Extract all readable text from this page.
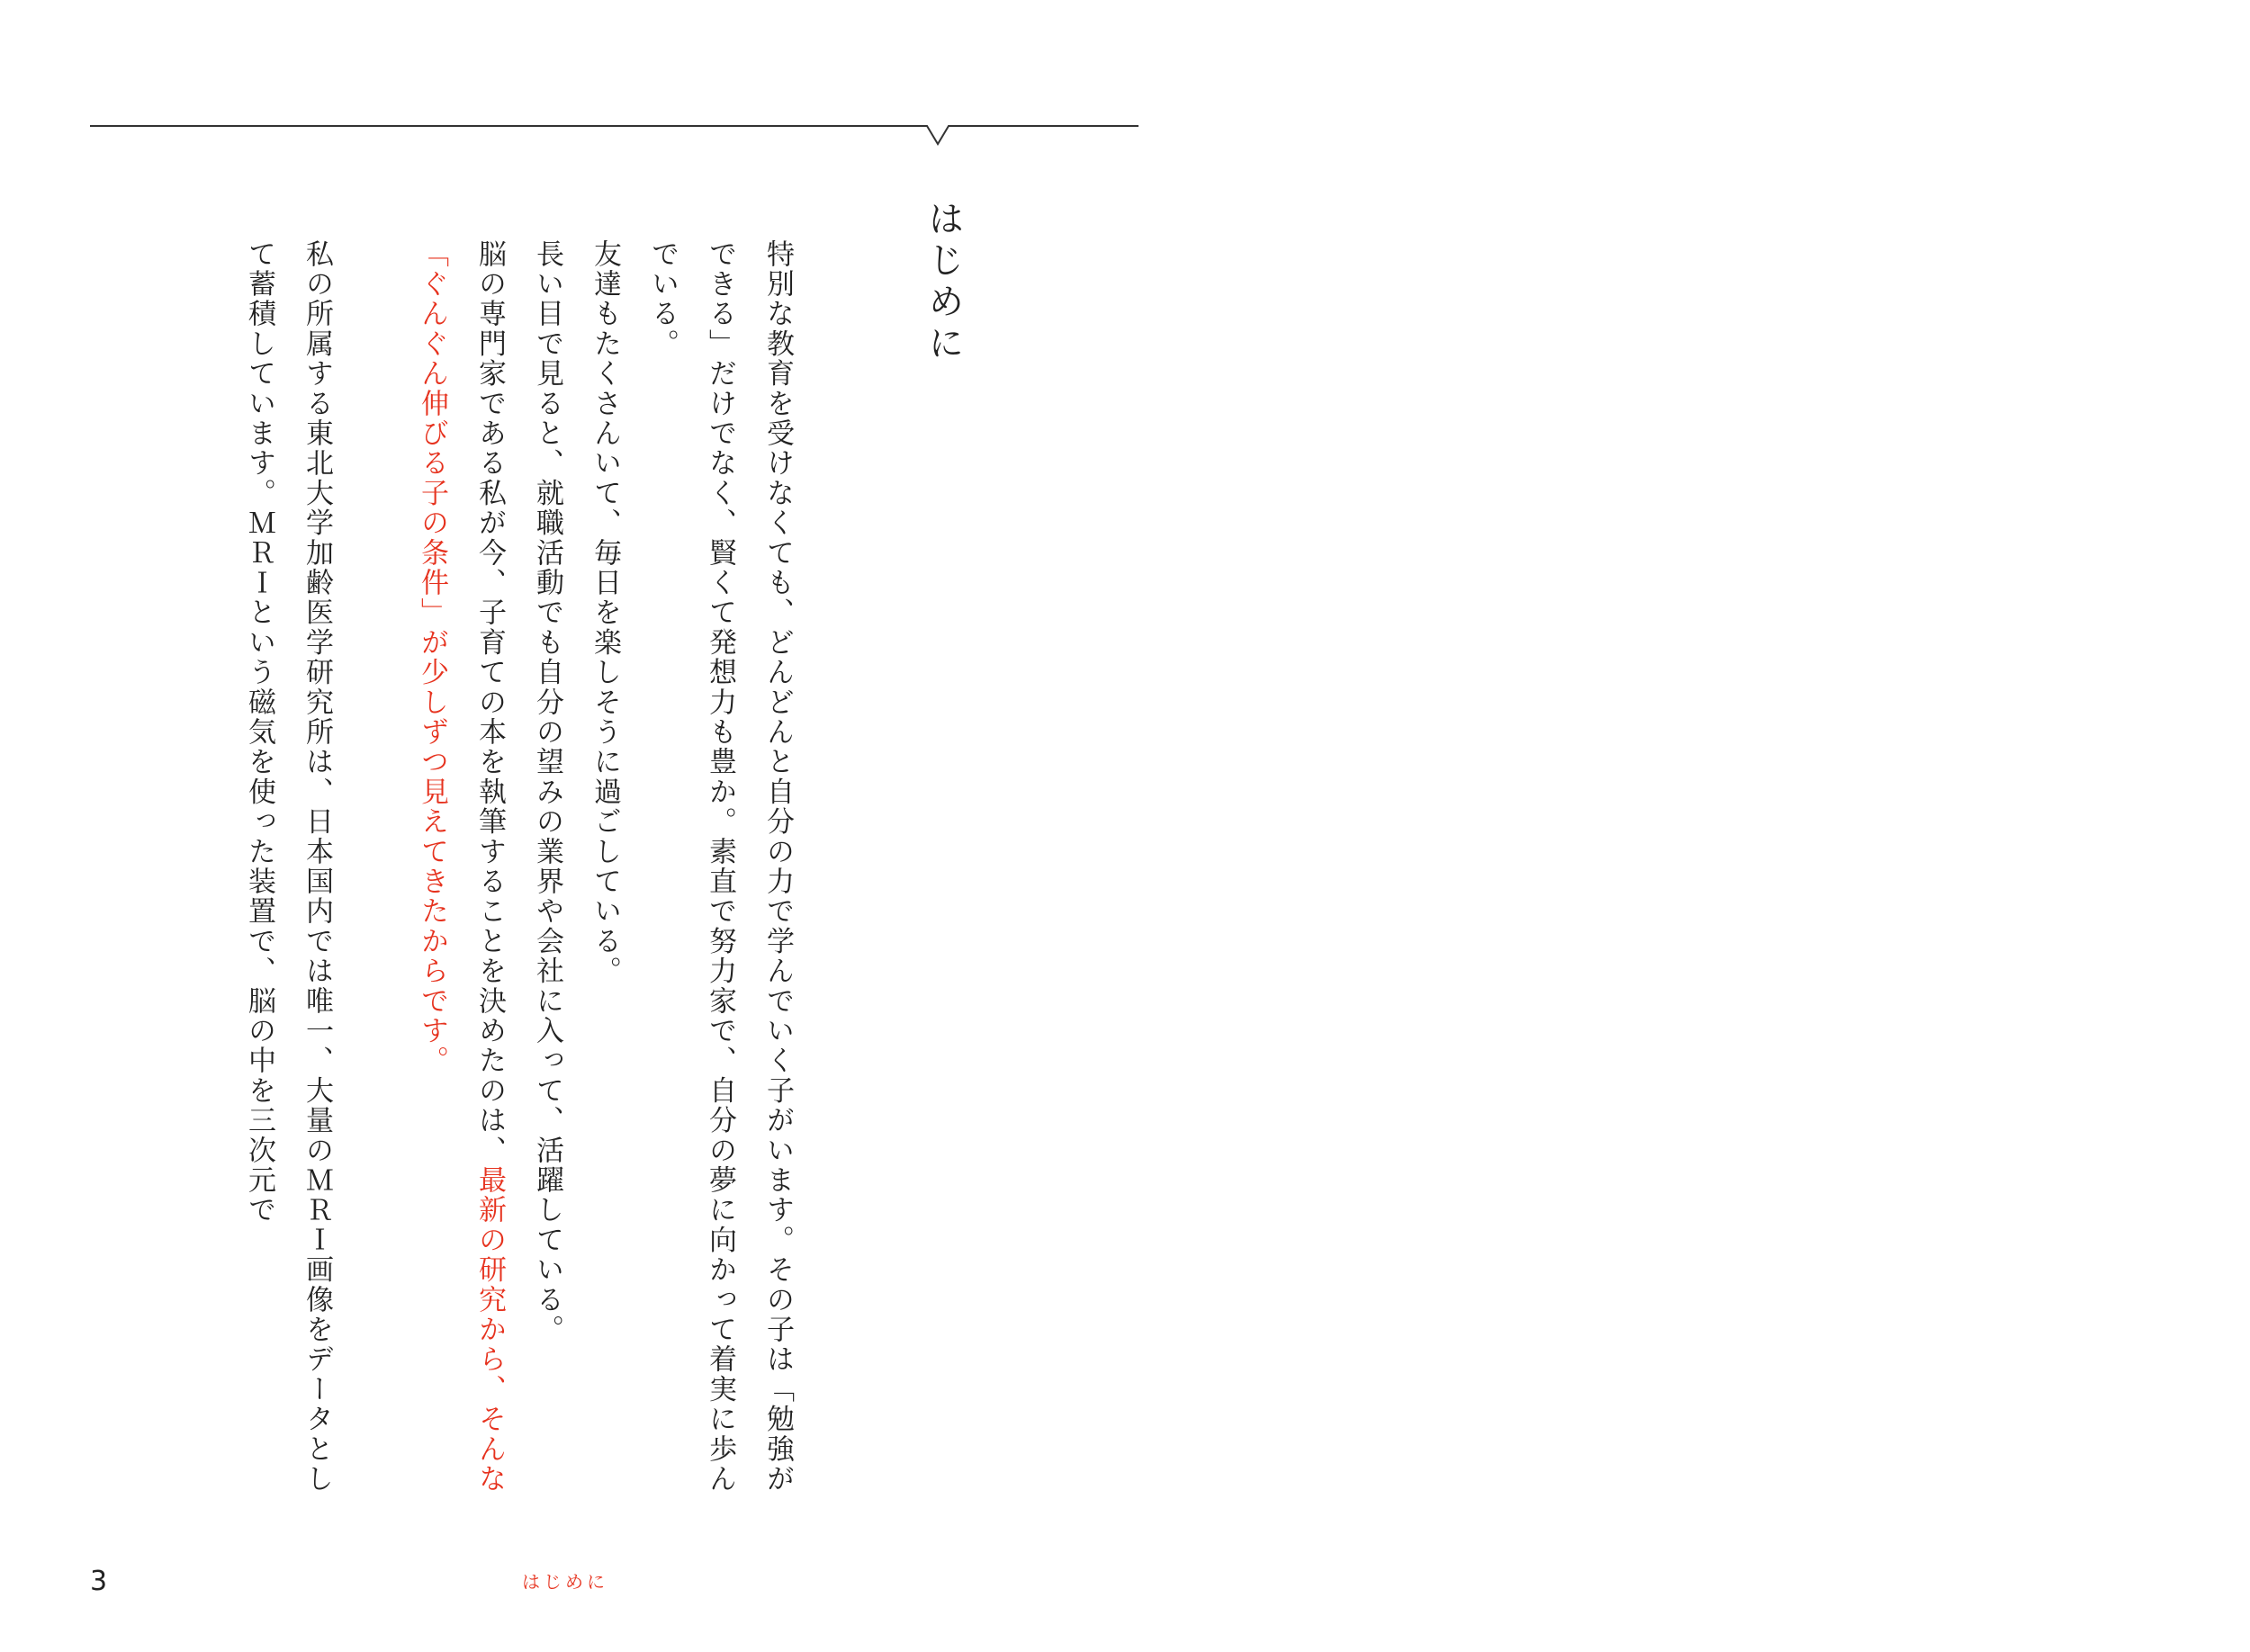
はじめに

特別な教育を受けなくても、どんどんと自分の力で学んでいく子がいます。その子は「勉強ができる」だけでなく、賢くて発想力も豊か。素直で努力家で、自分の夢に向かって着実に歩んでいる。

友達もたくさんいて、毎日を楽しそうに過ごしている。

長い目で見ると、就職活動でも自分の望みの業界や会社に入って、活躍している。

脳の専門家である私が今、子育ての本を執筆することを決めたのは、最新の研究から、そんな「ぐんぐん伸びる子の条件」が少しずつ見えてきたからです。

私の所属する東北大学加齢医学研究所は、日本国内では唯一、大量のＭＲＩ画像をデータとして蓄積しています。ＭＲＩという磁気を使った装置で、脳の中を三次元で

3	はじめに
